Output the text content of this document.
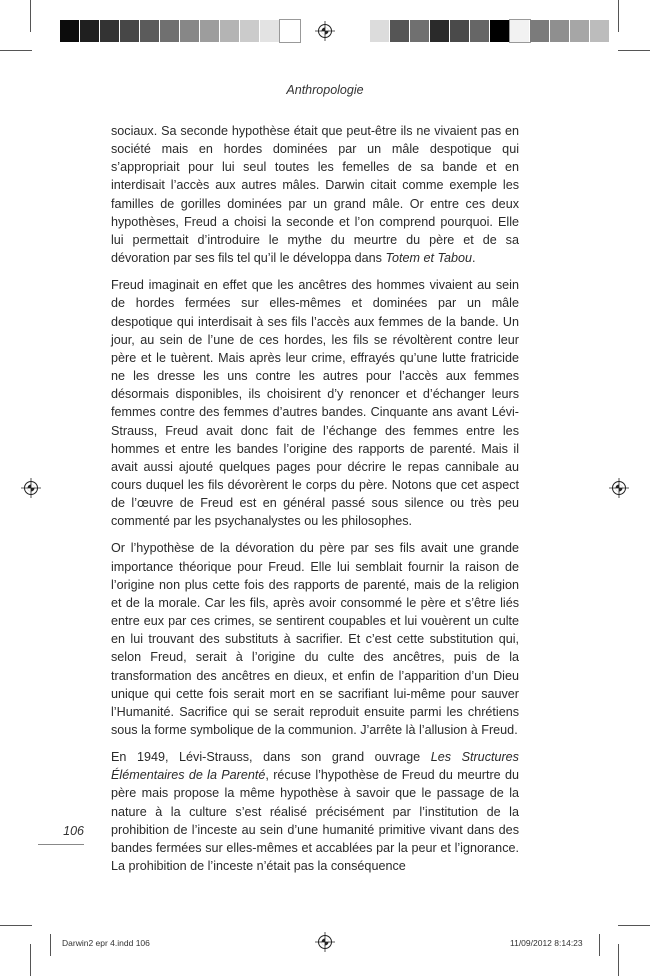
Anthropologie

sociaux. Sa seconde hypothèse était que peut-être ils ne vivaient pas en société mais en hordes dominées par un mâle despotique qui s’appropriait pour lui seul toutes les femelles de sa bande et en interdisait l’accès aux autres mâles. Darwin citait comme exemple les familles de gorilles dominées par un grand mâle. Or entre ces deux hypothèses, Freud a choisi la seconde et l’on comprend pourquoi. Elle lui permettait d’introduire le mythe du meurtre du père et de sa dévoration par ses fils tel qu’il le développa dans Totem et Tabou.

Freud imaginait en effet que les ancêtres des hommes vivaient au sein de hordes fermées sur elles-mêmes et dominées par un mâle despotique qui interdisait à ses fils l’accès aux femmes de la bande. Un jour, au sein de l’une de ces hordes, les fils se révoltèrent contre leur père et le tuèrent. Mais après leur crime, effrayés qu’une lutte fratricide ne les dresse les uns contre les autres pour l’accès aux femmes désormais disponibles, ils choisirent d’y renoncer et d’échanger leurs femmes contre des femmes d’autres bandes. Cinquante ans avant Lévi-Strauss, Freud avait donc fait de l’échange des femmes entre les hommes et entre les bandes l’origine des rapports de parenté. Mais il avait aussi ajouté quelques pages pour décrire le repas cannibale au cours duquel les fils dévorèrent le corps du père. Notons que cet aspect de l’œuvre de Freud est en général passé sous silence ou très peu commenté par les psychanalystes ou les philosophes.

Or l’hypothèse de la dévoration du père par ses fils avait une grande importance théorique pour Freud. Elle lui semblait fournir la raison de l’origine non plus cette fois des rapports de parenté, mais de la religion et de la morale. Car les fils, après avoir consommé le père et s’être liés entre eux par ces crimes, se sentirent coupables et lui vouèrent un culte en lui trouvant des substituts à sacrifier. Et c’est cette substitution qui, selon Freud, serait à l’origine du culte des ancêtres, puis de la transformation des ancêtres en dieux, et enfin de l’apparition d’un Dieu unique qui cette fois serait mort en se sacrifiant lui-même pour sauver l’Humanité. Sacrifice qui se serait reproduit ensuite parmi les chrétiens sous la forme symbolique de la communion. J’arrête là l’allusion à Freud.

En 1949, Lévi-Strauss, dans son grand ouvrage Les Structures Élémentaires de la Parenté, récuse l’hypothèse de Freud du meurtre du père mais propose la même hypothèse à savoir que le passage de la nature à la culture s’est réalisé précisément par l’institution de la prohibition de l’inceste au sein d’une humanité primitive vivant dans des bandes fermées sur elles-mêmes et accablées par la peur et l’ignorance. La prohibition de l’inceste n’était pas la conséquence

106
Darwin2 epr 4.indd 106	11/09/2012 8:14:23
